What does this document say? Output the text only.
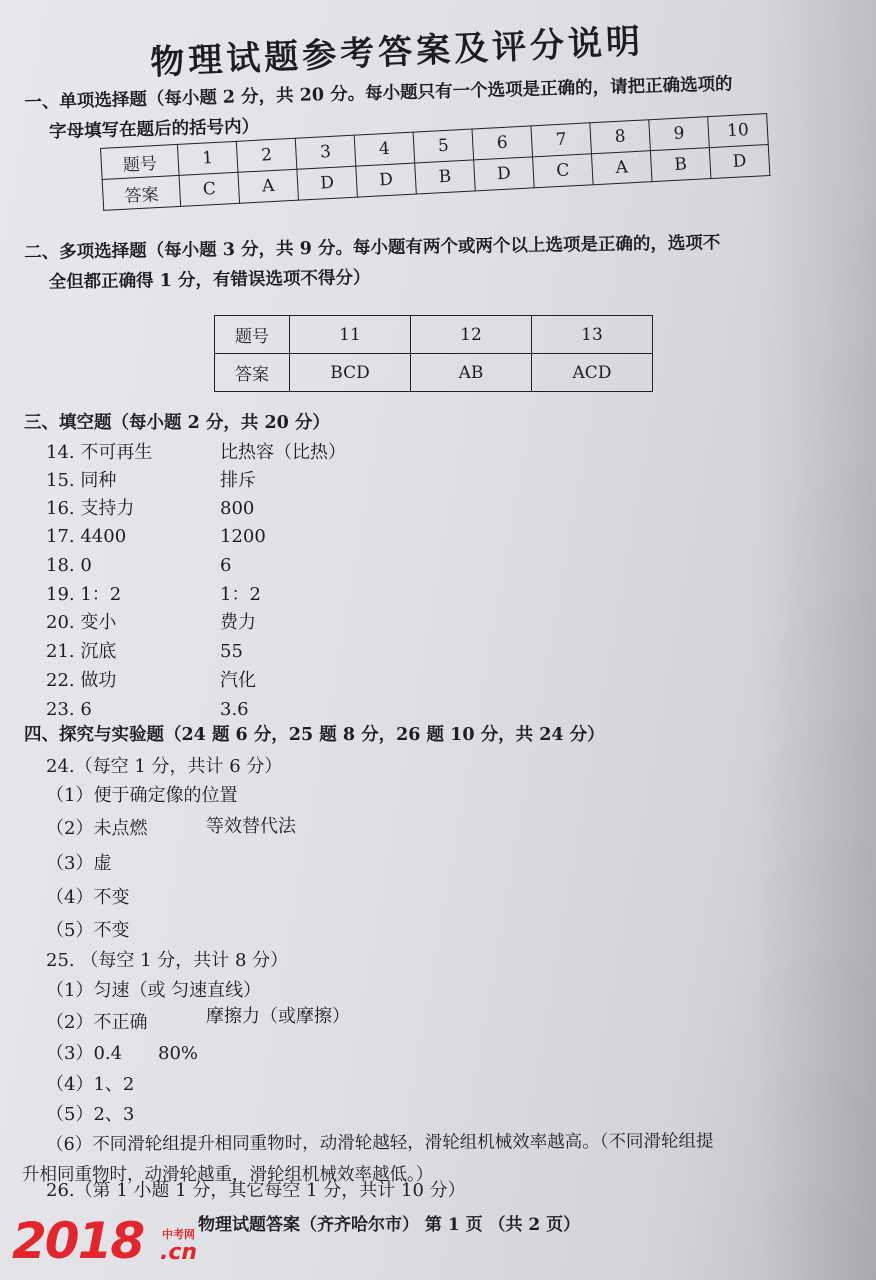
物理试题参考答案及评分说明
一、单项选择题（每小题 2 分，共 20 分。每小题只有一个选项是正确的，请把正确选项的
字母填写在题后的括号内）
题号	1	2	3	4	5	6	7	8	9	10
答案	C	A	D	D	B	D	C	A	B	D
二、多项选择题（每小题 3 分，共 9 分。每小题有两个或两个以上选项是正确的，选项不
全但都正确得 1 分，有错误选项不得分）
题号	11	12	13
答案	BCD	AB	ACD
三、填空题（每小题 2 分，共 20 分）
14. 不可再生	比热容（比热）
15. 同种	排斥
16. 支持力	800
17. 4400	1200
18. 0	6
19. 1：2	1：2
20. 变小	费力
21. 沉底	55
22. 做功	汽化
23. 6	3.6
四、探究与实验题（24 题 6 分，25 题 8 分，26 题 10 分，共 24 分）
24.（每空 1 分，共计 6 分）
（1）便于确定像的位置
（2）未点燃	等效替代法
（3）虚
（4）不变
（5）不变
25. （每空 1 分，共计 8 分）
（1）匀速（或 匀速直线）
（2）不正确	摩擦力（或摩擦）
（3）0.4 80%
（4）1、2
（5）2、3
（6）不同滑轮组提升相同重物时，动滑轮越轻，滑轮组机械效率越高。（不同滑轮组提
升相同重物时，动滑轮越重，滑轮组机械效率越低。）
26.（第 1 小题 1 分，其它每空 1 分，共计 10 分）
物理试题答案（齐齐哈尔市） 第 1 页 （共 2 页）
2018	中考网
.cn
